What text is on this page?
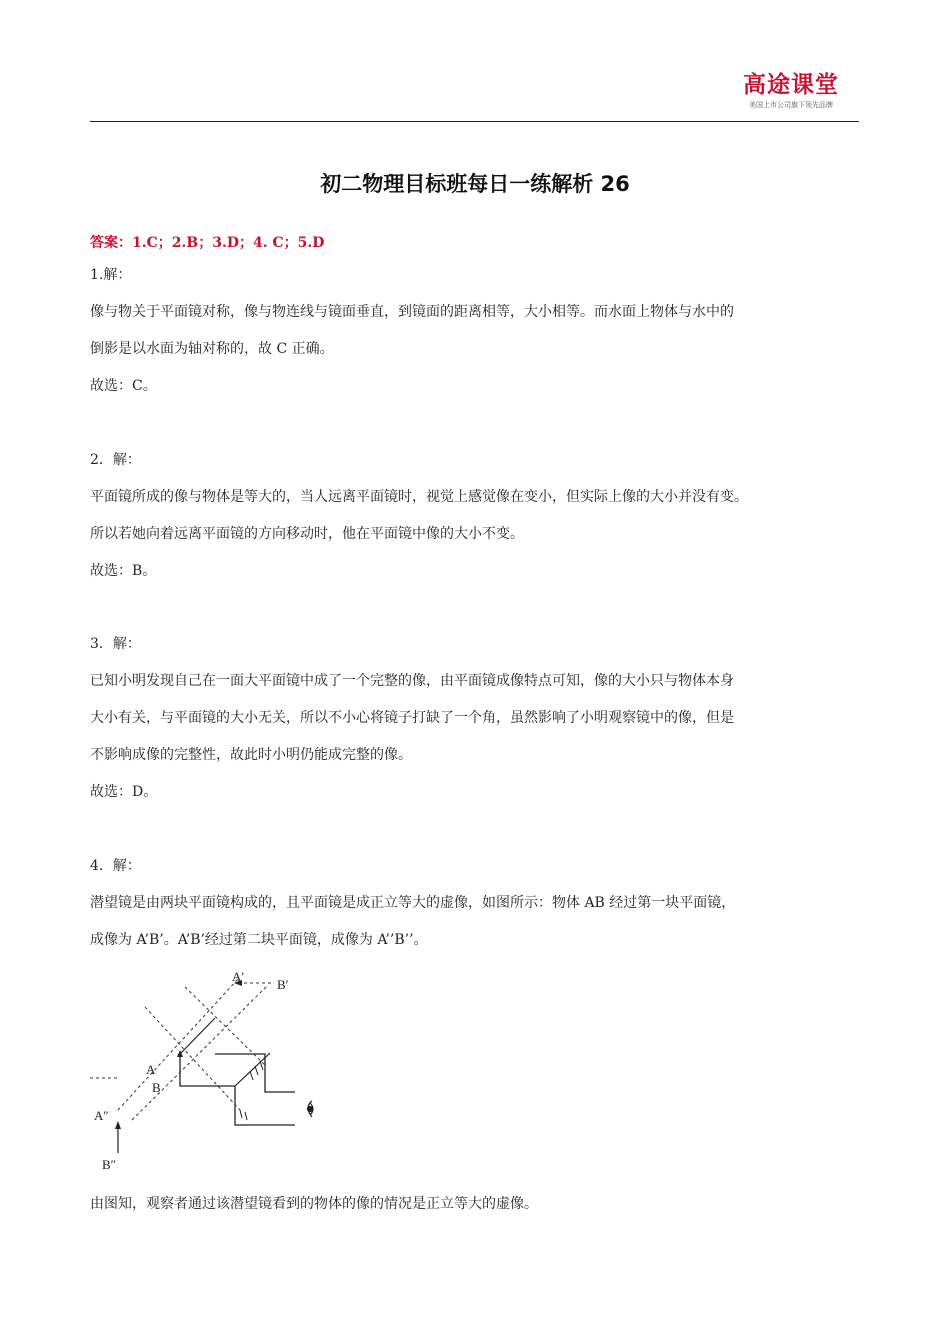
高途课堂
美国上市公司旗下领先品牌
初二物理目标班每日一练解析 26
答案：1.C；2.B；3.D；4. C；5.D
1.解：
像与物关于平面镜对称，像与物连线与镜面垂直，到镜面的距离相等，大小相等。而水面上物体与水中的
倒影是以水面为轴对称的，故 C 正确。
故选：C。
2．解：
平面镜所成的像与物体是等大的，当人远离平面镜时，视觉上感觉像在变小，但实际上像的大小并没有变。
所以若她向着远离平面镜的方向移动时，他在平面镜中像的大小不变。
故选：B。
3．解：
已知小明发现自己在一面大平面镜中成了一个完整的像，由平面镜成像特点可知，像的大小只与物体本身
大小有关，与平面镜的大小无关，所以不小心将镜子打缺了一个角，虽然影响了小明观察镜中的像，但是
不影响成像的完整性，故此时小明仍能成完整的像。
故选：D。
4．解：
潜望镜是由两块平面镜构成的，且平面镜是成正立等大的虚像，如图所示：物体 AB 经过第一块平面镜，
成像为 A’B’。A’B’经过第二块平面镜，成像为 A’’B’’。
A′
B′
A
B
A″
B″
由图知，观察者通过该潜望镜看到的物体的像的情况是正立等大的虚像。
